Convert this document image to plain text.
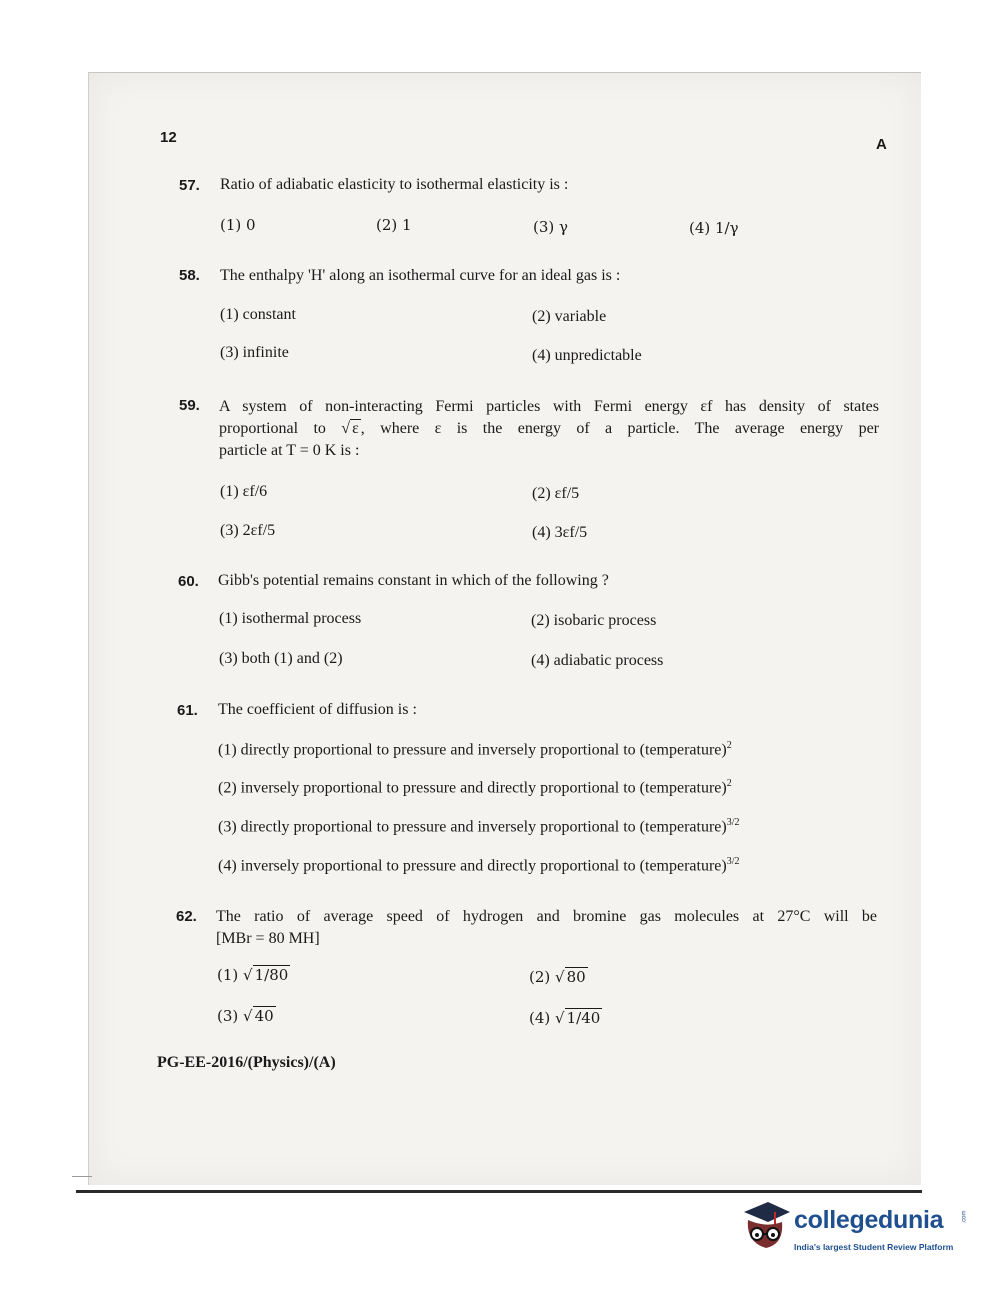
12	A
57. Ratio of adiabatic elasticity to isothermal elasticity is :
(1) 0	(2) 1	(3) γ	(4) 1/γ
58. The enthalpy 'H' along an isothermal curve for an ideal gas is :
(1) constant	(2) variable
(3) infinite	(4) unpredictable
59. A system of non-interacting Fermi particles with Fermi energy εf has density of states
proportional to √ ε , where ε is the energy of a particle. The average energy per
particle at T = 0 K is :
(1) εf/6	(2) εf/5
(3) 2εf/5	(4) 3εf/5
60. Gibb's potential remains constant in which of the following ?
(1) isothermal process	(2) isobaric process
(3) both (1) and (2)	(4) adiabatic process
61. The coefficient of diffusion is :
(1) directly proportional to pressure and inversely proportional to (temperature)$^2$
(2) inversely proportional to pressure and directly proportional to (temperature)$^2$
(3) directly proportional to pressure and inversely proportional to (temperature)$^{3/2}$
(4) inversely proportional to pressure and directly proportional to (temperature)$^{3/2}$
62. The ratio of average speed of hydrogen and bromine gas molecules at 27°C will be
[MBr = 80 MH]
(1) √ 1/80	(2) √ 80
(3) √ 40	(4) √ 1/40
PG-EE-2016/(Physics)/(A)
collegedunia	.com
India's largest Student Review Platform
